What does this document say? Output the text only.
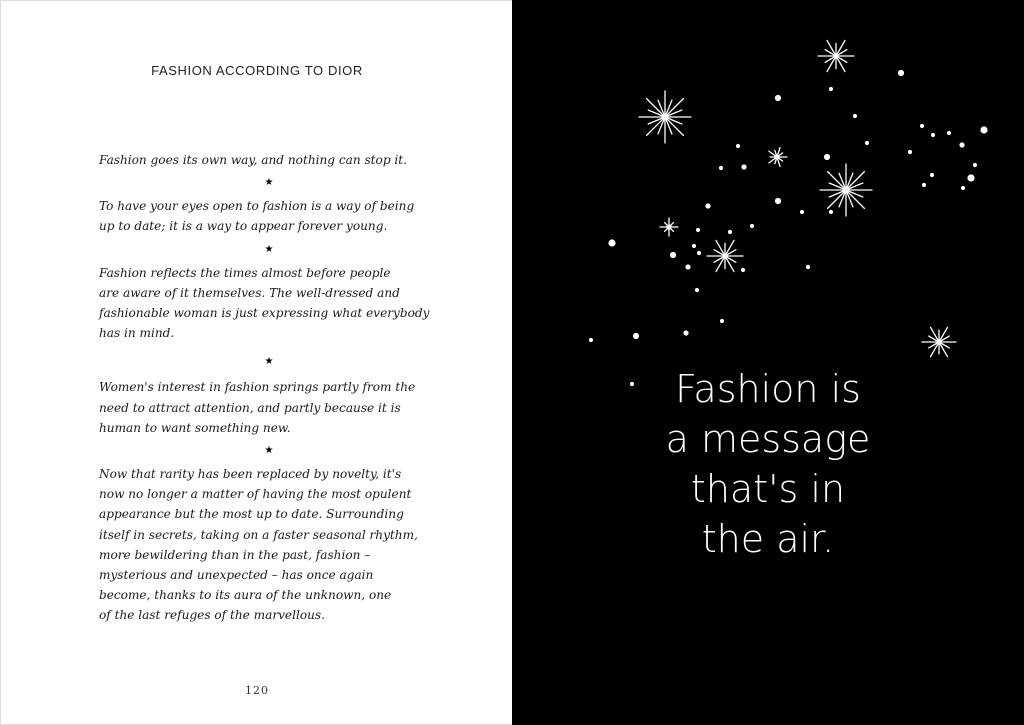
FASHION ACCORDING TO DIOR

Fashion goes its own way, and nothing can stop it.

★

To have your eyes open to fashion is a way of being
up to date; it is a way to appear forever young.

★

Fashion reflects the times almost before people
are aware of it themselves. The well-dressed and
fashionable woman is just expressing what everybody
has in mind.

★

Women's interest in fashion springs partly from the
need to attract attention, and partly because it is
human to want something new.

★

Now that rarity has been replaced by novelty, it's
now no longer a matter of having the most opulent
appearance but the most up to date. Surrounding
itself in secrets, taking on a faster seasonal rhythm,
more bewildering than in the past, fashion –
mysterious and unexpected – has once again
become, thanks to its aura of the unknown, one
of the last refuges of the marvellous.

120
Fashion is
a message
that's in
the air.
